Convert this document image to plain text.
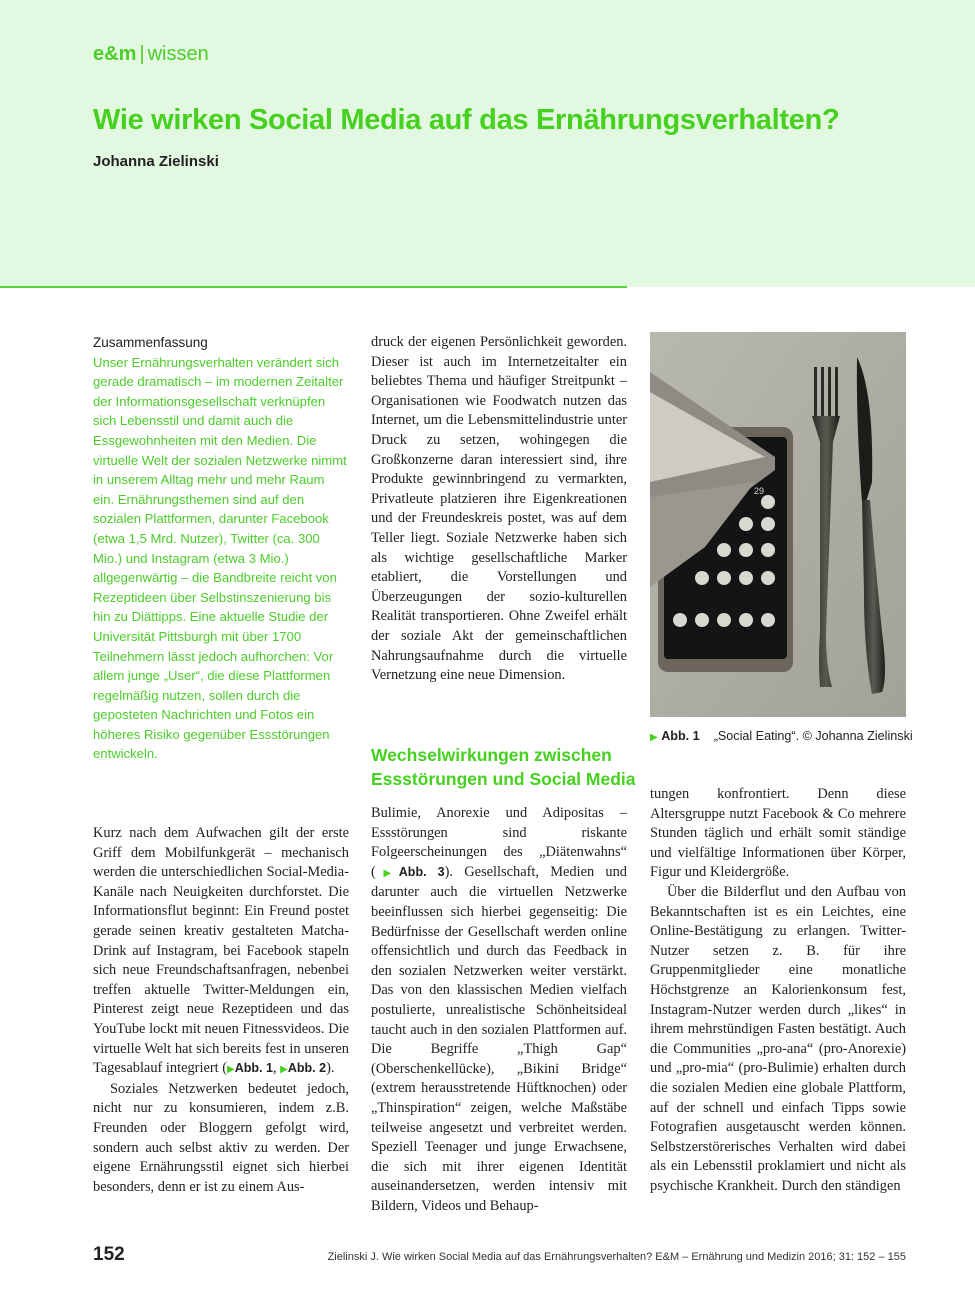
e&m | wissen
Wie wirken Social Media auf das Ernährungsverhalten?
Johanna Zielinski
Zusammenfassung
Unser Ernährungsverhalten verändert sich gerade dramatisch – im modernen Zeitalter der Informationsgesellschaft verknüpfen sich Lebensstil und damit auch die Essgewohnheiten mit den Medien. Die virtuelle Welt der sozialen Netzwerke nimmt in unserem Alltag mehr und mehr Raum ein. Ernährungsthemen sind auf den sozialen Plattformen, darunter Facebook (etwa 1,5 Mrd. Nutzer), Twitter (ca. 300 Mio.) und Instagram (etwa 3 Mio.) allgegenwärtig – die Bandbreite reicht von Rezeptideen über Selbstinszenierung bis hin zu Diättipps. Eine aktuelle Studie der Universität Pittsburgh mit über 1700 Teilnehmern lässt jedoch aufhorchen: Vor allem junge „User“, die diese Plattformen regelmäßig nutzen, sollen durch die geposteten Nachrichten und Fotos ein höheres Risiko gegenüber Essstörungen entwickeln.

Kurz nach dem Aufwachen gilt der erste Griff dem Mobilfunkgerät – mechanisch werden die unterschiedlichen Social-Media-Kanäle nach Neuigkeiten durchforstet. Die Informationsflut beginnt: Ein Freund postet gerade seinen kreativ gestalteten Matcha-Drink auf Instagram, bei Facebook stapeln sich neue Freundschaftsanfragen, nebenbei treffen aktuelle Twitter-Meldungen ein, Pinterest zeigt neue Rezeptideen und das YouTube lockt mit neuen Fitnessvideos. Die virtuelle Welt hat sich bereits fest in unseren Tagesablauf integriert (▶Abb. 1, ▶Abb. 2).

Soziales Netzwerken bedeutet jedoch, nicht nur zu konsumieren, indem z.B. Freunden oder Bloggern gefolgt wird, sondern auch selbst aktiv zu werden. Der eigene Ernährungsstil eignet sich hierbei besonders, denn er ist zu einem Aus-

druck der eigenen Persönlichkeit geworden. Dieser ist auch im Internetzeitalter ein beliebtes Thema und häufiger Streitpunkt – Organisationen wie Foodwatch nutzen das Internet, um die Lebensmittelindustrie unter Druck zu setzen, wohingegen die Großkonzerne daran interessiert sind, ihre Produkte gewinnbringend zu vermarkten, Privatleute platzieren ihre Eigenkreationen und der Freundeskreis postet, was auf dem Teller liegt. Soziale Netzwerke haben sich als wichtige gesellschaftliche Marker etabliert, die Vorstellungen und Überzeugungen der sozio-kulturellen Realität transportieren. Ohne Zweifel erhält der soziale Akt der gemeinschaftlichen Nahrungsaufnahme durch die virtuelle Vernetzung eine neue Dimension.

Wechselwirkungen zwischen Essstörungen und Social Media

Bulimie, Anorexie und Adipositas – Essstörungen sind riskante Folgeerscheinungen des „Diätenwahns“ (▶Abb. 3). Gesellschaft, Medien und darunter auch die virtuellen Netzwerke beeinflussen sich hierbei gegenseitig: Die Bedürfnisse der Gesellschaft werden online offensichtlich und durch das Feedback in den sozialen Netzwerken weiter verstärkt. Das von den klassischen Medien vielfach postulierte, unrealistische Schönheitsideal taucht auch in den sozialen Plattformen auf. Die Begriffe „Thigh Gap“ (Oberschenkellücke), „Bikini Bridge“ (extrem herausstretende Hüftknochen) oder „Thinspiration“ zeigen, welche Maßstäbe teilweise angesetzt und verbreitet werden. Speziell Teenager und junge Erwachsene, die sich mit ihrer eigenen Identität auseinandersetzen, werden intensiv mit Bildern, Videos und Behaup-

29
▶ Abb. 1 „Social Eating“. © Johanna Zielinski

tungen konfrontiert. Denn diese Altersgruppe nutzt Facebook & Co mehrere Stunden täglich und erhält somit ständige und vielfältige Informationen über Körper, Figur und Kleidergröße.

Über die Bilderflut und den Aufbau von Bekanntschaften ist es ein Leichtes, eine Online-Bestätigung zu erlangen. Twitter-Nutzer setzen z. B. für ihre Gruppenmitglieder eine monatliche Höchstgrenze an Kalorienkonsum fest, Instagram-Nutzer werden durch „likes“ in ihrem mehrstündigen Fasten bestätigt. Auch die Communities „pro-ana“ (pro-Anorexie) und „pro-mia“ (pro-Bulimie) erhalten durch die sozialen Medien eine globale Plattform, auf der schnell und einfach Tipps sowie Fotografien ausgetauscht werden können. Selbstzerstörerisches Verhalten wird dabei als ein Lebensstil proklamiert und nicht als psychische Krankheit. Durch den ständigen

152	Zielinski J. Wie wirken Social Media auf das Ernährungsverhalten? E&M – Ernährung und Medizin 2016; 31: 152 – 155
